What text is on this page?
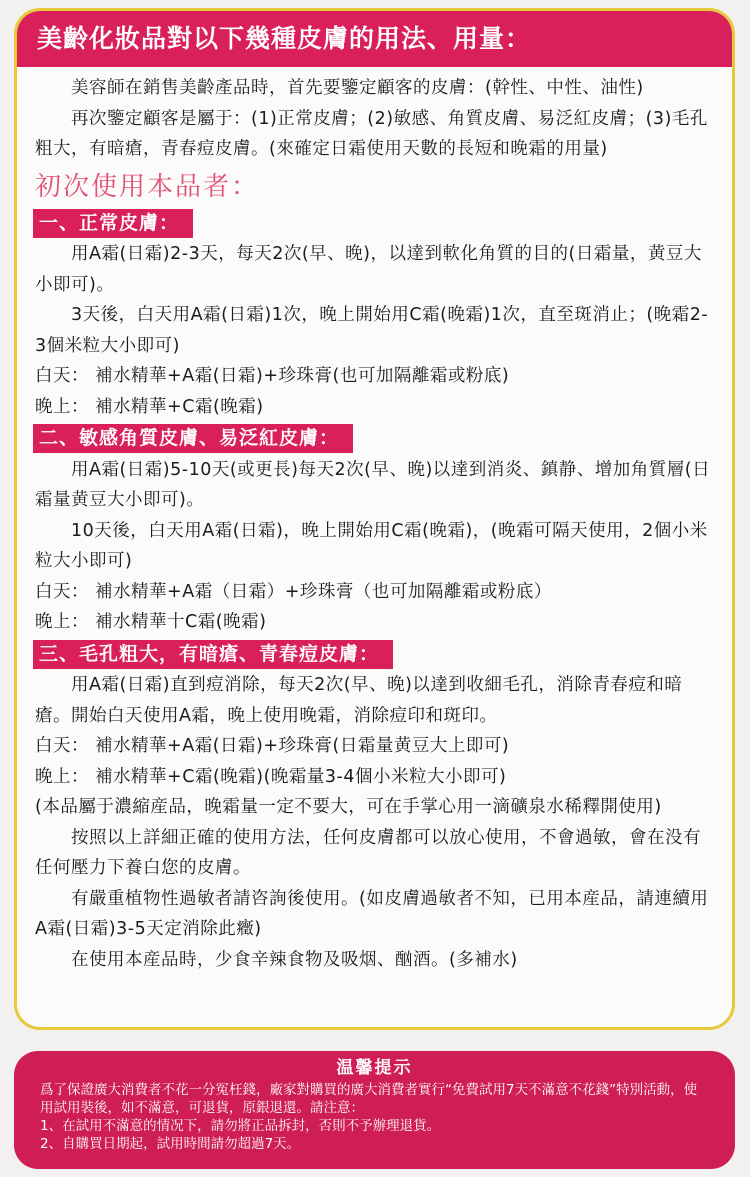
美齡化妝品對以下幾種皮膚的用法、用量：

美容師在銷售美齡產品時，首先要鑒定顧客的皮膚：(幹性、中性、油性)

再次鑒定顧客是屬于：(1)正常皮膚；(2)敏感、角質皮膚、易泛紅皮膚；(3)毛孔粗大，有暗瘡，青春痘皮膚。(來確定日霜使用天數的長短和晚霜的用量)

初次使用本品者：
一、正常皮膚：

用A霜(日霜)2-3天，每天2次(早、晚)，以達到軟化角質的目的(日霜量，黄豆大小即可)。

3天後，白天用A霜(日霜)1次，晚上開始用C霜(晚霜)1次，直至斑消止；(晚霜2-3個米粒大小即可)

白天： 補水精華+A霜(日霜)+珍珠膏(也可加隔離霜或粉底)

晚上： 補水精華+C霜(晚霜)

二、敏感角質皮膚、易泛紅皮膚：

用A霜(日霜)5-10天(或更長)每天2次(早、晚)以達到消炎、鎮静、增加角質層(日霜量黄豆大小即可)。

10天後，白天用A霜(日霜)，晚上開始用C霜(晚霜)，(晚霜可隔天使用，2個小米粒大小即可)

白天： 補水精華+A霜（日霜）+珍珠膏（也可加隔離霜或粉底）

晚上： 補水精華十C霜(晚霜)

三、毛孔粗大，有暗瘡、青春痘皮膚：

用A霜(日霜)直到痘消除，每天2次(早、晚)以達到收細毛孔，消除青春痘和暗瘡。開始白天使用A霜，晚上使用晚霜，消除痘印和斑印。

白天： 補水精華+A霜(日霜)+珍珠膏(日霜量黄豆大上即可)

晚上： 補水精華+C霜(晚霜)(晚霜量3-4個小米粒大小即可)

(本品屬于濃縮産品，晚霜量一定不要大，可在手掌心用一滴礦泉水稀釋開使用)

按照以上詳細正確的使用方法，任何皮膚都可以放心使用，不會過敏，會在没有任何壓力下養白您的皮膚。

有嚴重植物性過敏者請咨詢後使用。(如皮膚過敏者不知，已用本産品，請連續用A霜(日霜)3-5天定消除此癥)

在使用本産品時，少食辛辣食物及吸烟、酗酒。(多補水)

温馨提示

爲了保證廣大消費者不花一分冤枉錢，廠家對購買的廣大消費者實行“免費試用7天不滿意不花錢”特別活動，使用試用裝後，如不滿意，可退貨，原銀退還。請注意：

1、在試用不滿意的情况下，請勿將正品拆封，否則不予辦理退貨。

2、自購買日期起，試用時間請勿超過7天。
